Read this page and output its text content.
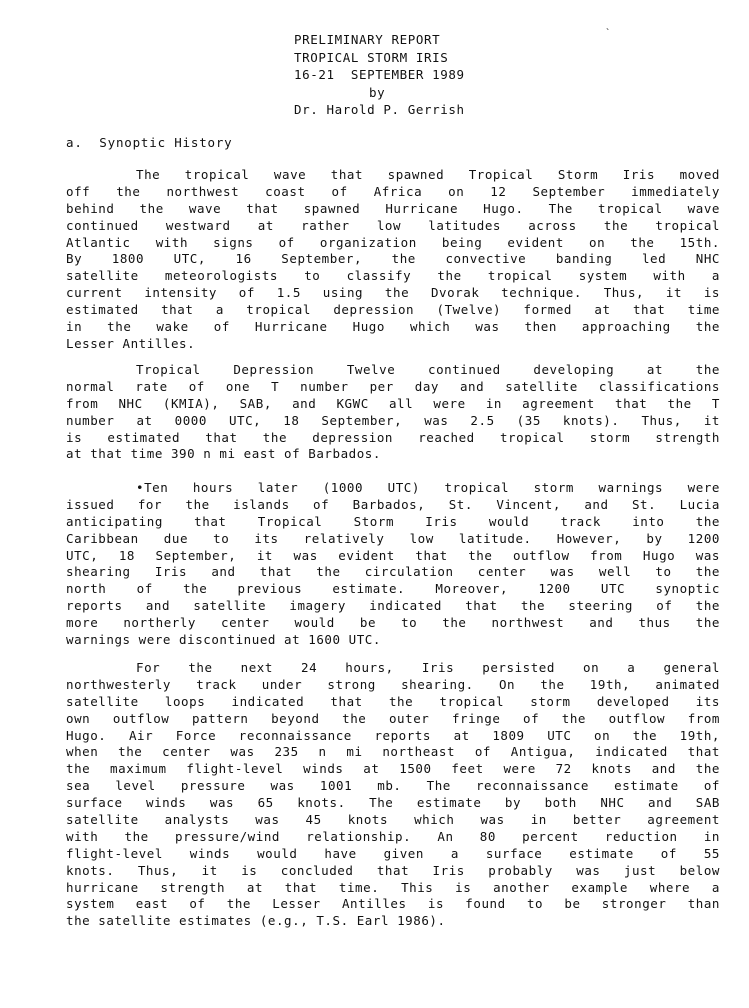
PRELIMINARY REPORT
TROPICAL STORM IRIS
16-21  SEPTEMBER 1989
by
Dr. Harold P. Gerrish
`
a.  Synoptic History
The tropical wave that spawned Tropical Storm Iris moved
off the northwest coast of Africa on 12 September immediately
behind the wave that spawned Hurricane Hugo. The tropical wave
continued westward at rather low latitudes across the tropical
Atlantic with signs of organization being evident on the 15th.
By 1800 UTC, 16 September, the convective banding led NHC
satellite meteorologists to classify the tropical system with a
current intensity of 1.5 using the Dvorak technique. Thus, it is
estimated that a tropical depression (Twelve) formed at that time
in the wake of Hurricane Hugo which was then approaching the
Lesser Antilles.
Tropical Depression Twelve continued developing at the
normal rate of one T number per day and satellite classifications
from NHC (KMIA), SAB, and KGWC all were in agreement that the T
number at 0000 UTC, 18 September, was 2.5 (35 knots). Thus, it
is estimated that the depression reached tropical storm strength
at that time 390 n mi east of Barbados.
•Ten hours later (1000 UTC) tropical storm warnings were
issued for the islands of Barbados, St. Vincent, and St. Lucia
anticipating that Tropical Storm Iris would track into the
Caribbean due to its relatively low latitude. However, by 1200
UTC, 18 September, it was evident that the outflow from Hugo was
shearing Iris and that the circulation center was well to the
north of the previous estimate. Moreover, 1200 UTC synoptic
reports and satellite imagery indicated that the steering of the
more northerly center would be to the northwest and thus the
warnings were discontinued at 1600 UTC.
For the next 24 hours, Iris persisted on a general
northwesterly track under strong shearing. On the 19th, animated
satellite loops indicated that the tropical storm developed its
own outflow pattern beyond the outer fringe of the outflow from
Hugo. Air Force reconnaissance reports at 1809 UTC on the 19th,
when the center was 235 n mi northeast of Antigua, indicated that
the maximum flight-level winds at 1500 feet were 72 knots and the
sea level pressure was 1001 mb. The reconnaissance estimate of
surface winds was 65 knots. The estimate by both NHC and SAB
satellite analysts was 45 knots which was in better agreement
with the pressure/wind relationship. An 80 percent reduction in
flight-level winds would have given a surface estimate of 55
knots. Thus, it is concluded that Iris probably was just below
hurricane strength at that time. This is another example where a
system east of the Lesser Antilles is found to be stronger than
the satellite estimates (e.g., T.S. Earl 1986).
